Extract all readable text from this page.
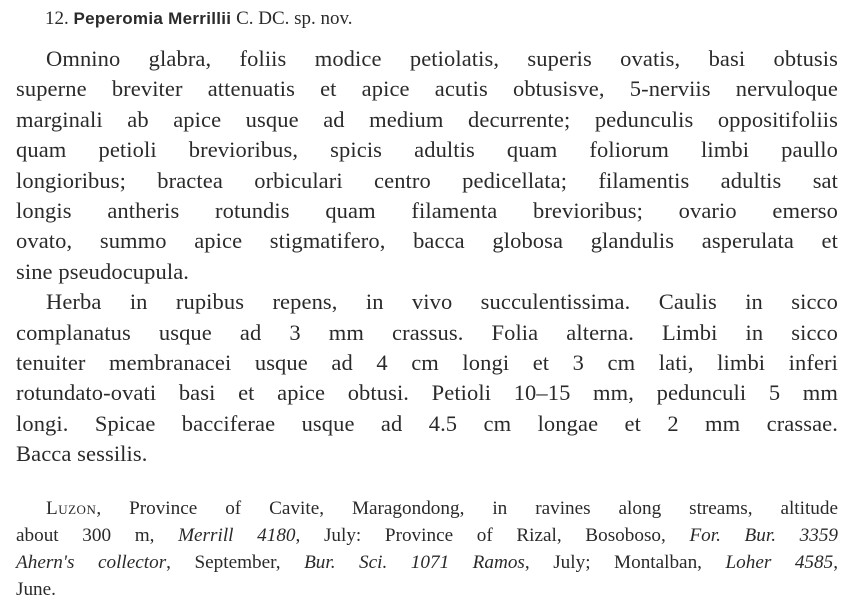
12. Peperomia Merrillii C. DC. sp. nov.
Omnino glabra, foliis modice petiolatis, superis ovatis, basi obtusis
superne breviter attenuatis et apice acutis obtusisve, 5-nerviis nervuloque
marginali ab apice usque ad medium decurrente; pedunculis oppositifoliis
quam petioli brevioribus, spicis adultis quam foliorum limbi paullo
longioribus; bractea orbiculari centro pedicellata; filamentis adultis sat
longis antheris rotundis quam filamenta brevioribus; ovario emerso
ovato, summo apice stigmatifero, bacca globosa glandulis asperulata et
sine pseudocupula.
Herba in rupibus repens, in vivo succulentissima. Caulis in sicco
complanatus usque ad 3 mm crassus. Folia alterna. Limbi in sicco
tenuiter membranacei usque ad 4 cm longi et 3 cm lati, limbi inferi
rotundato-ovati basi et apice obtusi. Petioli 10–15 mm, pedunculi 5 mm
longi. Spicae bacciferae usque ad 4.5 cm longae et 2 mm crassae.
Bacca sessilis.
Luzon, Province of Cavite, Maragondong, in ravines along streams, altitude
about 300 m, Merrill 4180, July: Province of Rizal, Bosoboso, For. Bur. 3359
Ahern's collector, September, Bur. Sci. 1071 Ramos, July; Montalban, Loher 4585,
June.
